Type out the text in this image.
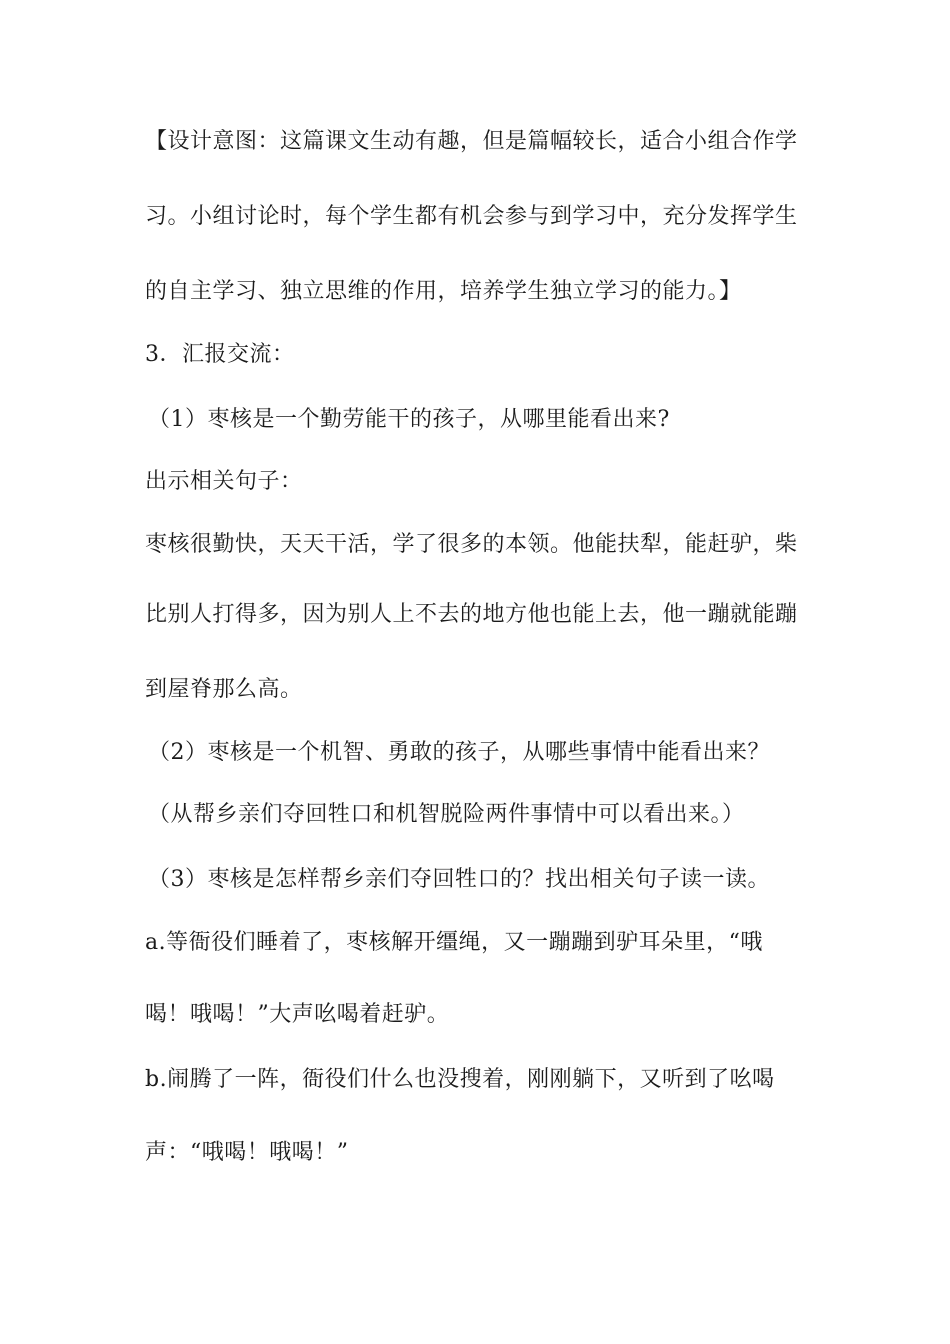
【设计意图：这篇课文生动有趣，但是篇幅较长，适合小组合作学
习。小组讨论时，每个学生都有机会参与到学习中，充分发挥学生
的自主学习、独立思维的作用，培养学生独立学习的能力。】
3．汇报交流：
（1）枣核是一个勤劳能干的孩子，从哪里能看出来?
出示相关句子：
枣核很勤快，天天干活，学了很多的本领。他能扶犁，能赶驴，柴
比别人打得多，因为别人上不去的地方他也能上去，他一蹦就能蹦
到屋脊那么高。
（2）枣核是一个机智、勇敢的孩子，从哪些事情中能看出来？
（从帮乡亲们夺回牲口和机智脱险两件事情中可以看出来。）
（3）枣核是怎样帮乡亲们夺回牲口的？找出相关句子读一读。
a.等衙役们睡着了，枣核解开缰绳，又一蹦蹦到驴耳朵里，“哦
喝！哦喝！”大声吆喝着赶驴。
b.闹腾了一阵，衙役们什么也没搜着，刚刚躺下，又听到了吆喝
声：“哦喝！哦喝！”
